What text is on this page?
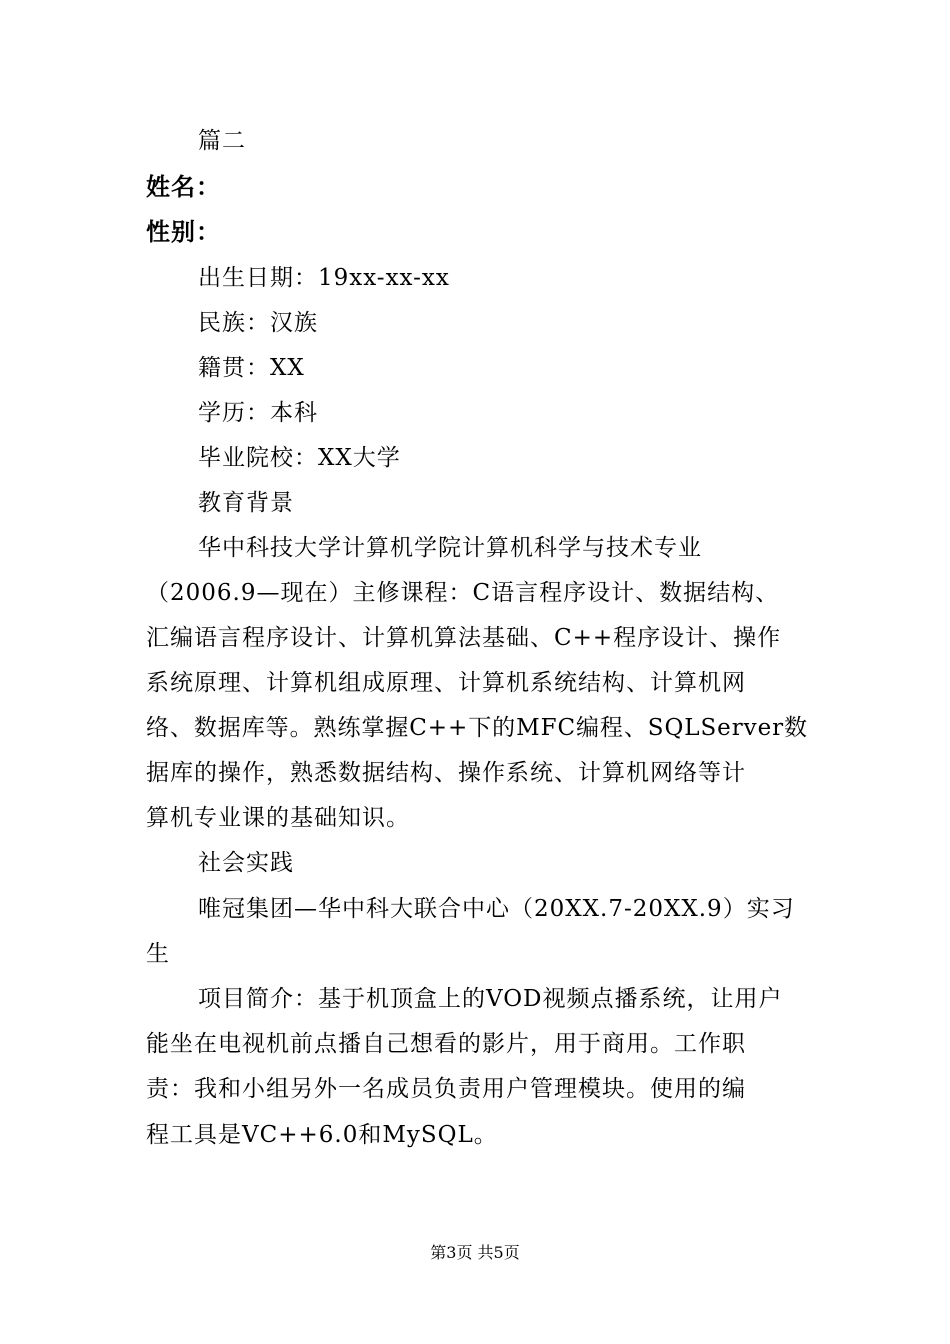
篇二
姓名：
性别：
出生日期：19xx-xx-xx
民族：汉族
籍贯：XX
学历：本科
毕业院校：XX大学
教育背景
华中科技大学计算机学院计算机科学与技术专业
（2006.9—现在）主修课程：C语言程序设计、数据结构、
汇编语言程序设计、计算机算法基础、C++程序设计、操作
系统原理、计算机组成原理、计算机系统结构、计算机网
络、数据库等。熟练掌握C++下的MFC编程、SQLServer数
据库的操作，熟悉数据结构、操作系统、计算机网络等计
算机专业课的基础知识。
社会实践
唯冠集团—华中科大联合中心（20XX.7-20XX.9）实习
生
项目简介：基于机顶盒上的VOD视频点播系统，让用户
能坐在电视机前点播自己想看的影片，用于商用。工作职
责：我和小组另外一名成员负责用户管理模块。使用的编
程工具是VC++6.0和MySQL。
第3页 共5页
